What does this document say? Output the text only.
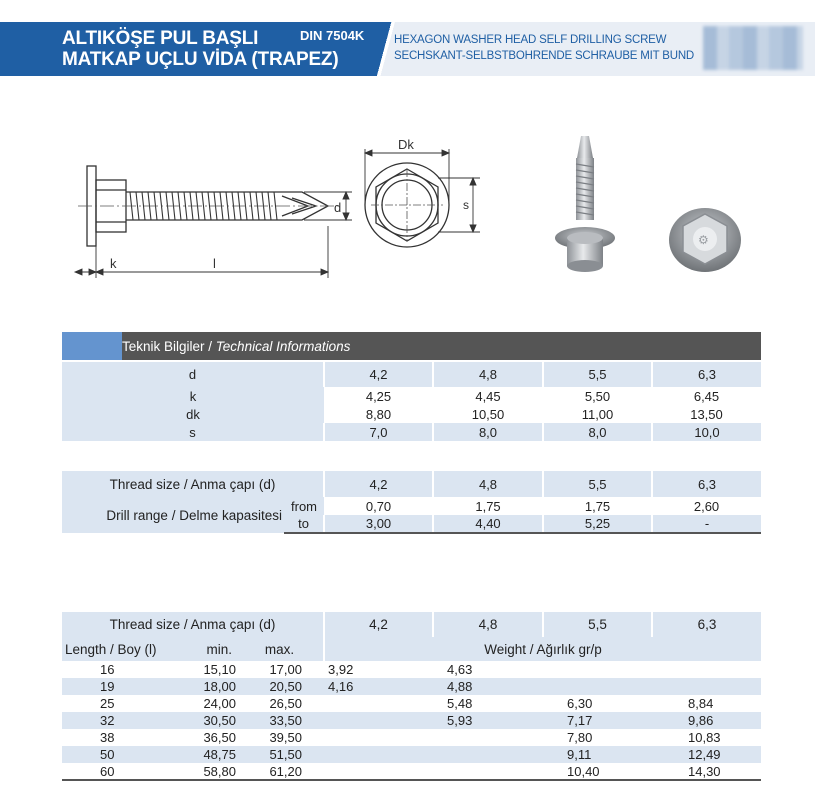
ALTIKÖŞE PUL BAŞLI
MATKAP UÇLU VİDA (TRAPEZ)
DIN 7504K	HEXAGON WASHER HEAD SELF DRILLING SCREW
SECHSKANT-SELBSTBOHRENDE SCHRAUBE MIT BUND
d
k	l
Dk
s
⚙
Teknik Bilgiler / Technical Informations
d	4,2	4,8	5,5	6,3
k	4,25	4,45	5,50	6,45
dk	8,80	10,50	11,00	13,50
s	7,0	8,0	8,0	10,0
Thread size / Anma çapı (d)		4,2	4,8	5,5	6,3
Drill range / Delme kapasitesi	from	0,70	1,75	1,75	2,60
	to	3,00	4,40	5,25	-
Thread size / Anma çapı (d)			4,2	4,8	5,5	6,3
Length / Boy (l)	min.	max.	Weight / Ağırlık gr/p			
16	15,10	17,00	3,92	4,63		
19	18,00	20,50	4,16	4,88		
25	24,00	26,50		5,48	6,30	8,84
32	30,50	33,50		5,93	7,17	9,86
38	36,50	39,50			7,80	10,83
50	48,75	51,50			9,11	12,49
60	58,80	61,20			10,40	14,30
